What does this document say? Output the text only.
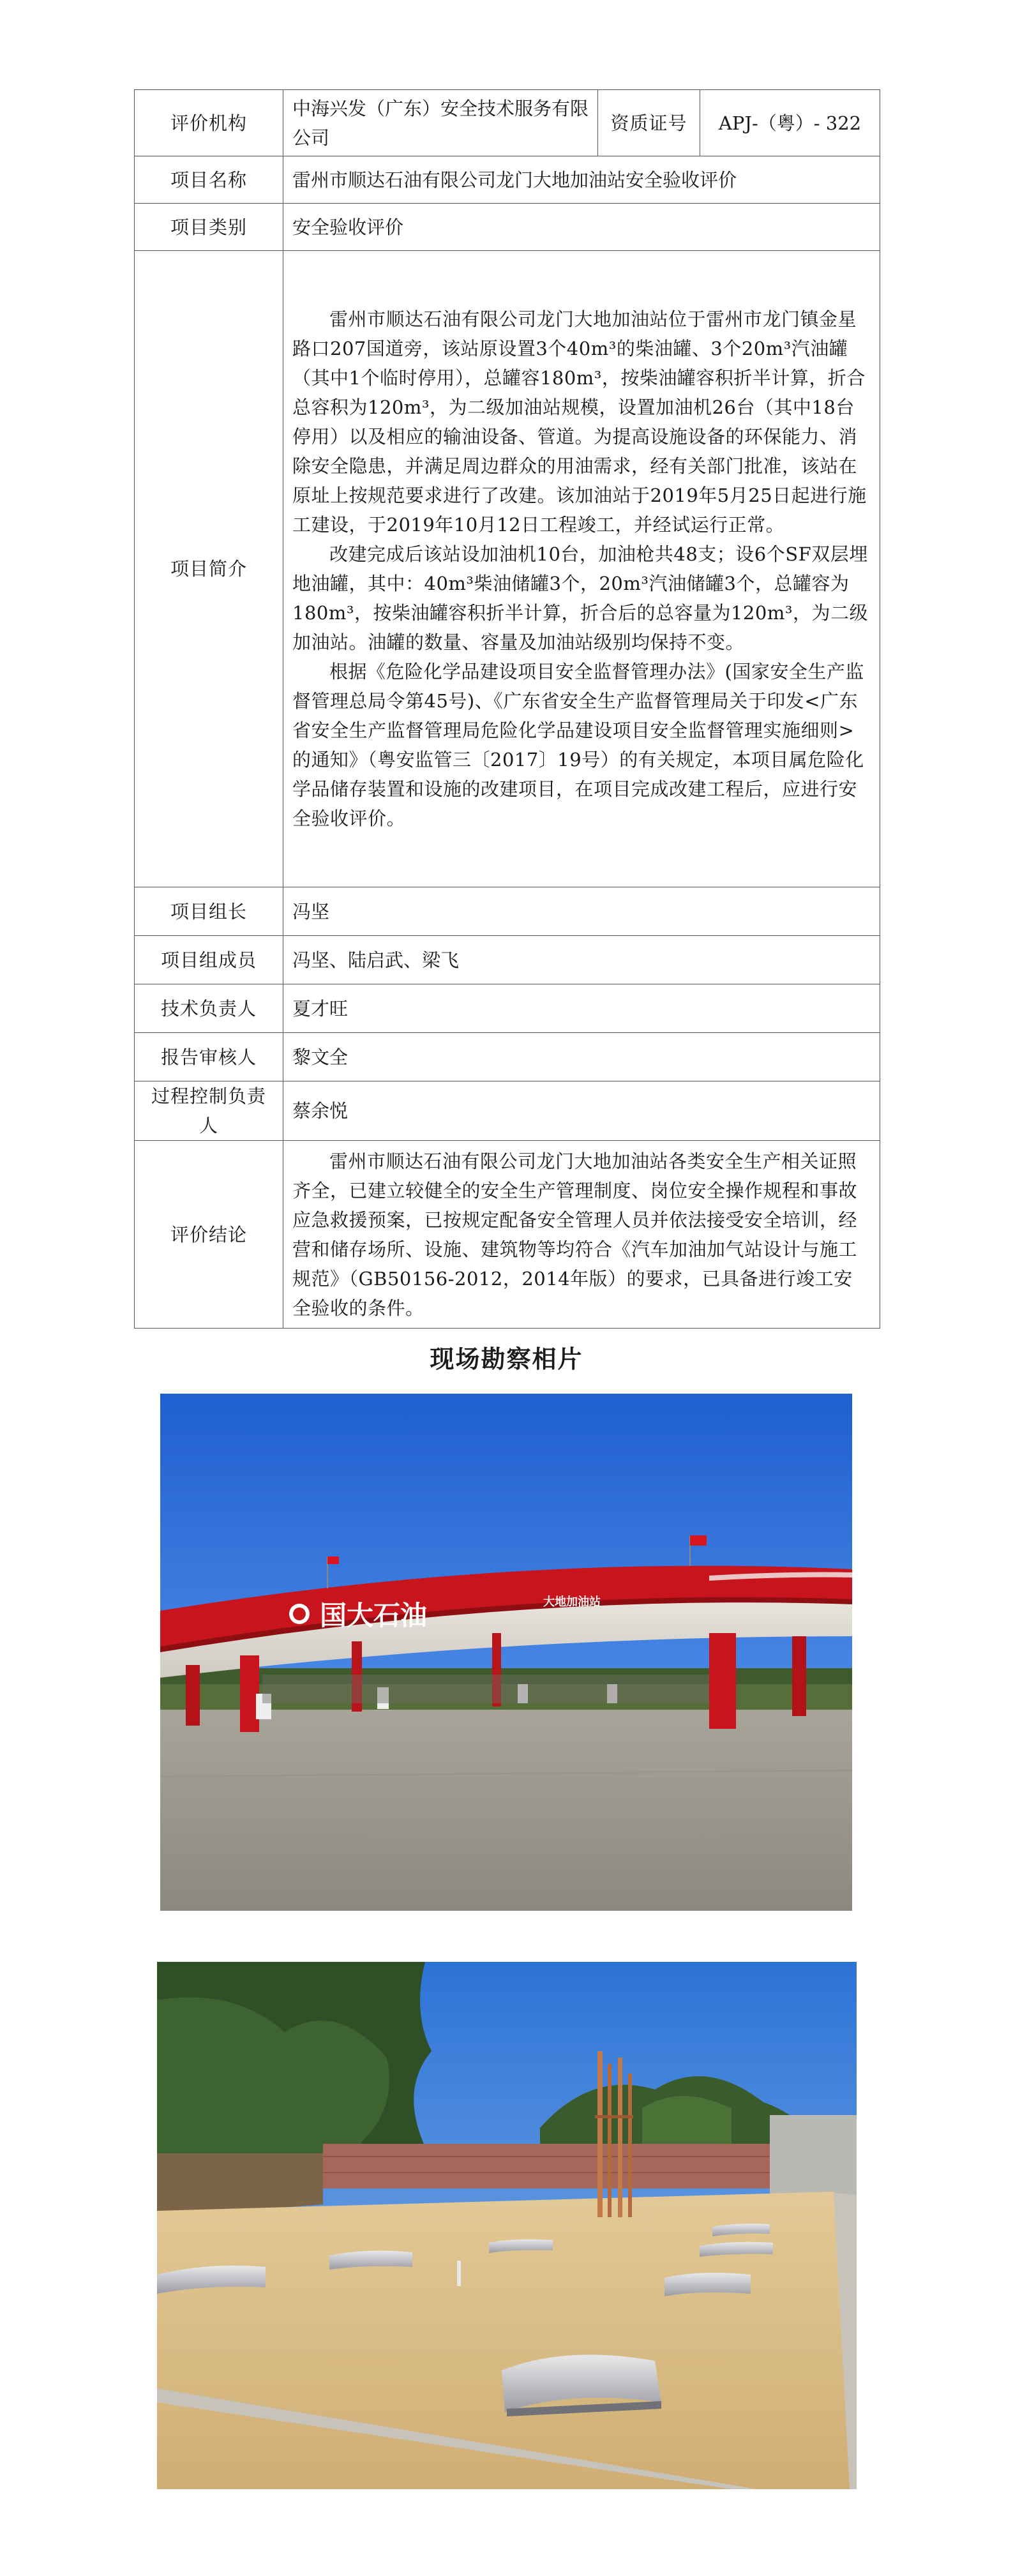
评价机构	中海兴发（广东）安全技术服务有限公司	资质证号	APJ-（粤）- 322
项目名称	雷州市顺达石油有限公司龙门大地加油站安全验收评价		
项目类别	安全验收评价		
项目简介	雷州市顺达石油有限公司龙门大地加油站位于雷州市龙门镇金星路口207国道旁，该站原设置3个40m³的柴油罐、3个20m³汽油罐（其中1个临时停用），总罐容180m³，按柴油罐容积折半计算，折合总容积为120m³，为二级加油站规模，设置加油机26台（其中18台停用）以及相应的输油设备、管道。为提高设施设备的环保能力、消除安全隐患，并满足周边群众的用油需求，经有关部门批准，该站在原址上按规范要求进行了改建。该加油站于2019年5月25日起进行施工建设，于2019年10月12日工程竣工，并经试运行正常。

改建完成后该站设加油机10台，加油枪共48支；设6个SF双层埋地油罐，其中：40m³柴油储罐3个，20m³汽油储罐3个，总罐容为180m³，按柴油罐容积折半计算，折合后的总容量为120m³，为二级加油站。油罐的数量、容量及加油站级别均保持不变。

根据《危险化学品建设项目安全监督管理办法》(国家安全生产监督管理总局令第45号)、《广东省安全生产监督管理局关于印发<广东省安全生产监督管理局危险化学品建设项目安全监督管理实施细则>的通知》（粤安监管三〔2017〕19号）的有关规定，本项目属危险化学品储存装置和设施的改建项目，在项目完成改建工程后，应进行安全验收评价。		

项目组长	冯坚		
项目组成员	冯坚、陆启武、梁飞		
技术负责人	夏才旺		
报告审核人	黎文全		
过程控制负责人	蔡余悦		
评价结论	雷州市顺达石油有限公司龙门大地加油站各类安全生产相关证照齐全，已建立较健全的安全生产管理制度、岗位安全操作规程和事故应急救援预案，已按规定配备安全管理人员并依法接受安全培训，经营和储存场所、设施、建筑物等均符合《汽车加油加气站设计与施工规范》（GB50156-2012，2014年版）的要求，已具备进行竣工安全验收的条件。		

现场勘察相片
国大石油	大地加油站
